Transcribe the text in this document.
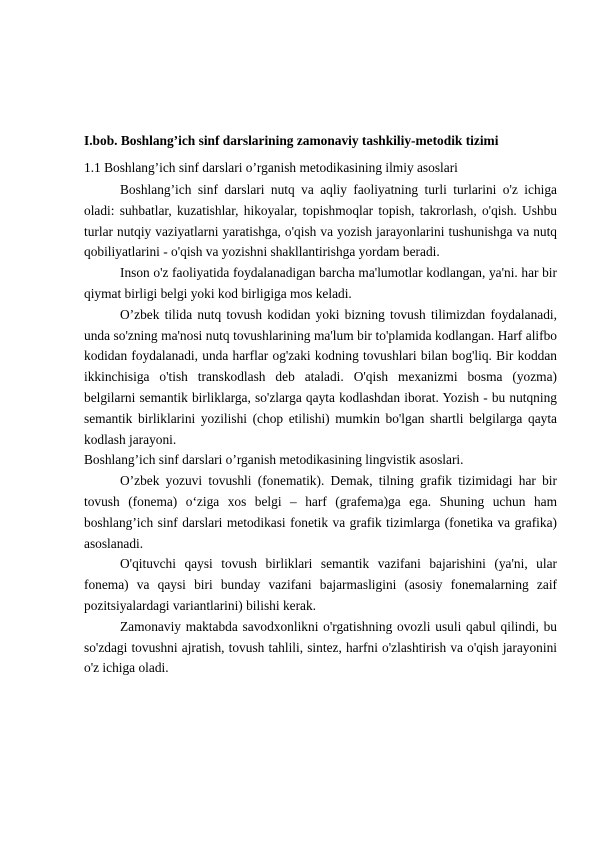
I.bob. Boshlang’ich sinf darslarining zamonaviy tashkiliy-metodik tizimi

1.1 Boshlang’ich sinf darslari o’rganish metodikasining ilmiy asoslari

Boshlang’ich sinf darslari nutq va aqliy faoliyatning turli turlarini o'z ichiga oladi: suhbatlar, kuzatishlar, hikoyalar, topishmoqlar topish, takrorlash, o'qish. Ushbu turlar nutqiy vaziyatlarni yaratishga, o'qish va yozish jarayonlarini tushunishga va nutq qobiliyatlarini - o'qish va yozishni shakllantirishga yordam beradi.

Inson o'z faoliyatida foydalanadigan barcha ma'lumotlar kodlangan, ya'ni. har bir qiymat birligi belgi yoki kod birligiga mos keladi.

O’zbek tilida nutq tovush kodidan yoki bizning tovush tilimizdan foydalanadi, unda so'zning ma'nosi nutq tovushlarining ma'lum bir to'plamida kodlangan. Harf alifbo kodidan foydalanadi, unda harflar og'zaki kodning tovushlari bilan bog'liq. Bir koddan ikkinchisiga o'tish transkodlash deb ataladi. O'qish mexanizmi bosma (yozma) belgilarni semantik birliklarga, so'zlarga qayta kodlashdan iborat. Yozish - bu nutqning semantik birliklarini yozilishi (chop etilishi) mumkin bo'lgan shartli belgilarga qayta kodlash jarayoni.

Boshlang’ich sinf darslari o’rganish metodikasining lingvistik asoslari.

O’zbek yozuvi tovushli (fonematik). Demak, tilning grafik tizimidagi har bir tovush (fonema) o‘ziga xos belgi – harf (grafema)ga ega. Shuning uchun ham boshlang’ich sinf darslari metodikasi fonetik va grafik tizimlarga (fonetika va grafika) asoslanadi.

O'qituvchi qaysi tovush birliklari semantik vazifani bajarishini (ya'ni, ular fonema) va qaysi biri bunday vazifani bajarmasligini (asosiy fonemalarning zaif pozitsiyalardagi variantlarini) bilishi kerak.

Zamonaviy maktabda savodxonlikni o'rgatishning ovozli usuli qabul qilindi, bu so'zdagi tovushni ajratish, tovush tahlili, sintez, harfni o'zlashtirish va o'qish jarayonini o'z ichiga oladi.
